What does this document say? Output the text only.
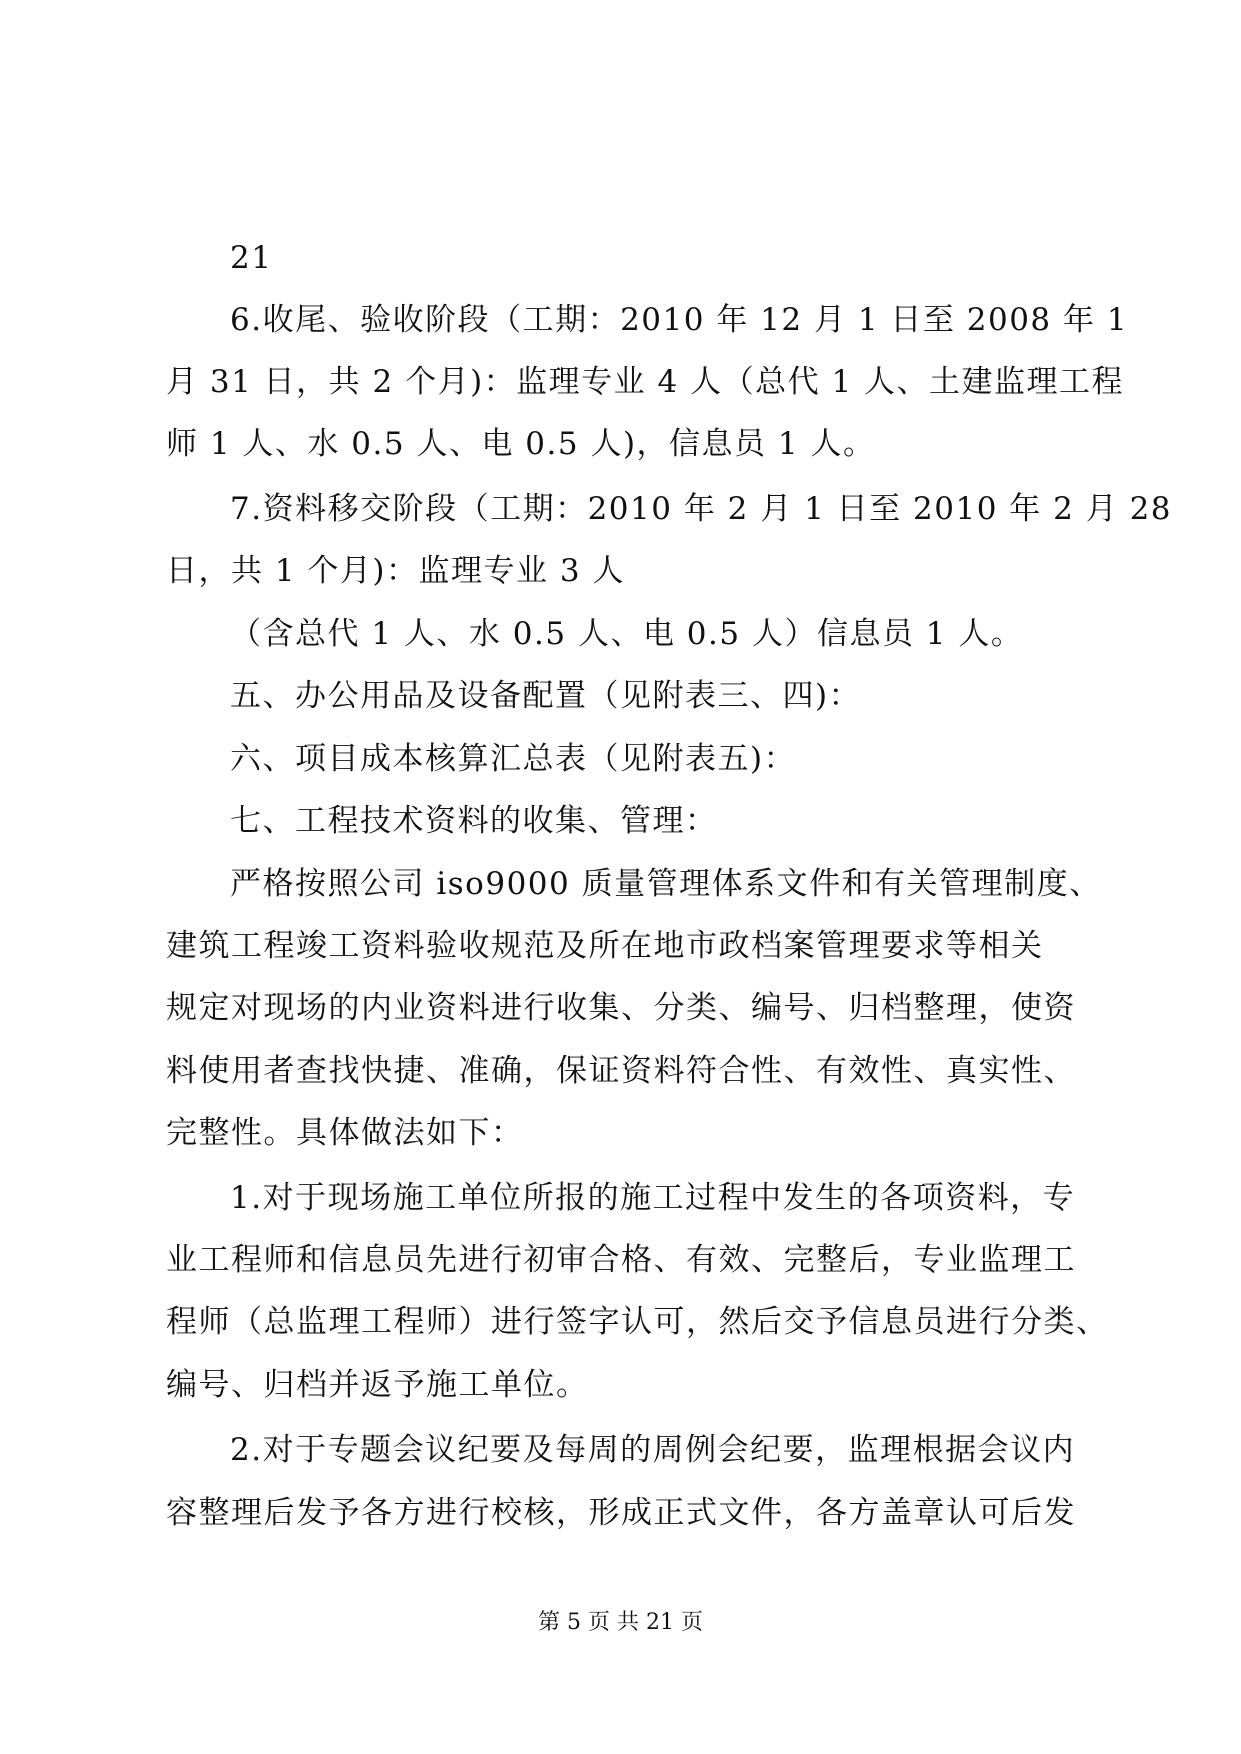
21
6.收尾、验收阶段（工期：2010 年 12 月 1 日至 2008 年 1
月 31 日，共 2 个月)：监理专业 4 人（总代 1 人、土建监理工程
师 1 人、水 0.5 人、电 0.5 人)，信息员 1 人。
7.资料移交阶段（工期：2010 年 2 月 1 日至 2010 年 2 月 28
日，共 1 个月)：监理专业 3 人
（含总代 1 人、水 0.5 人、电 0.5 人）信息员 1 人。
五、办公用品及设备配置（见附表三、四)：
六、项目成本核算汇总表（见附表五)：
七、工程技术资料的收集、管理：
严格按照公司 iso9000 质量管理体系文件和有关管理制度、
建筑工程竣工资料验收规范及所在地市政档案管理要求等相关
规定对现场的内业资料进行收集、分类、编号、归档整理，使资
料使用者查找快捷、准确，保证资料符合性、有效性、真实性、
完整性。具体做法如下：
1.对于现场施工单位所报的施工过程中发生的各项资料，专
业工程师和信息员先进行初审合格、有效、完整后，专业监理工
程师（总监理工程师）进行签字认可，然后交予信息员进行分类、
编号、归档并返予施工单位。
2.对于专题会议纪要及每周的周例会纪要，监理根据会议内
容整理后发予各方进行校核，形成正式文件，各方盖章认可后发
第 5 页 共 21 页
